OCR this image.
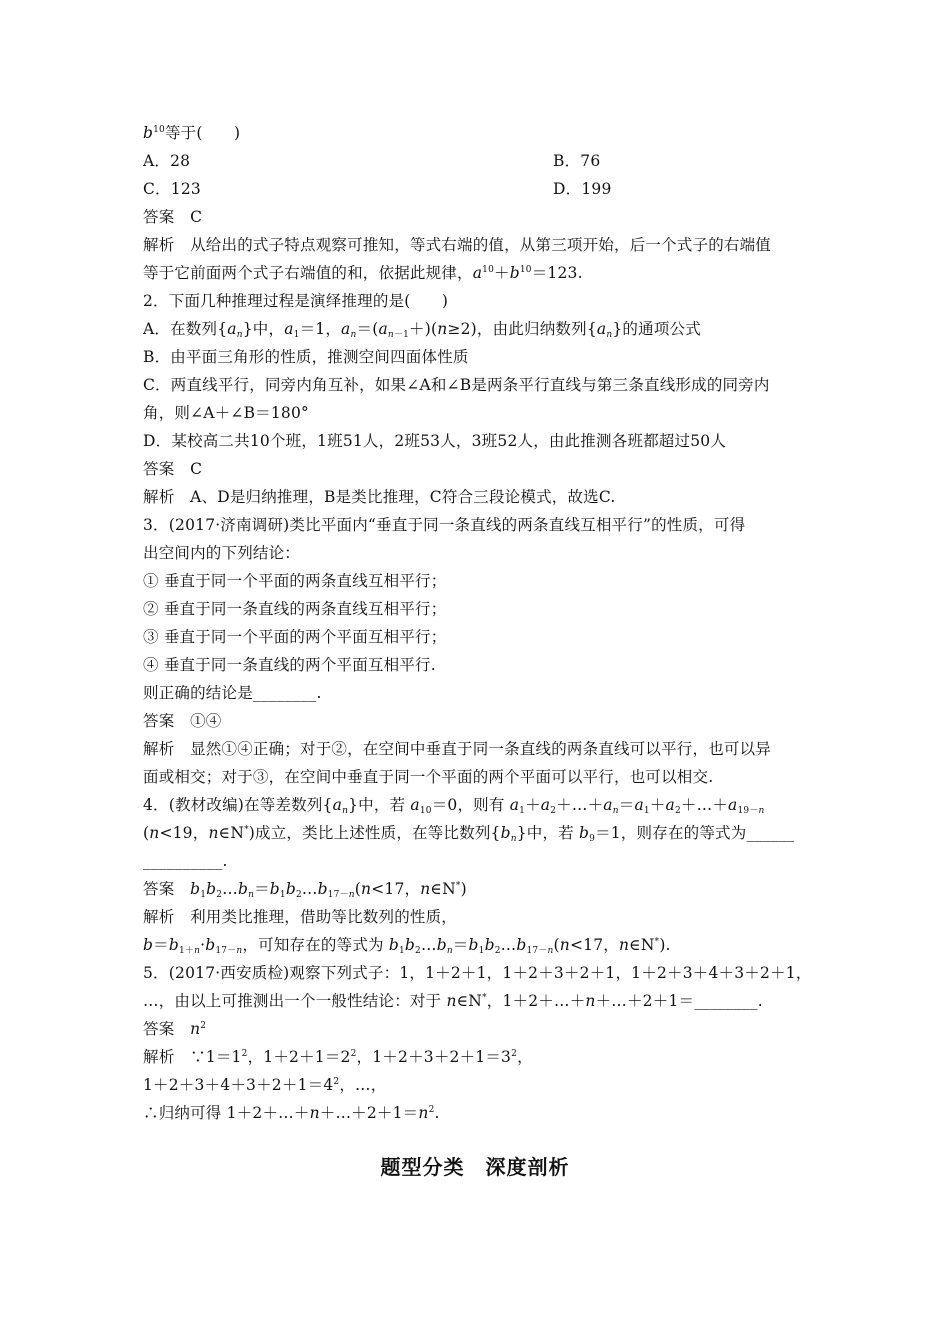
$b^{10}$等于(　　)
A．28	B．76
C．123	D．199
答案　C
解析　从给出的式子特点观察可推知，等式右端的值，从第三项开始，后一个式子的右端值
等于它前面两个式子右端值的和，依据此规律，$a^{10}+b^{10}=123$.
2．下面几种推理过程是演绎推理的是(　　)
A．在数列$\{a_n\}$中，$a_1=1$，$a_n=(a_{n-1}+)(n\ge 2)$，由此归纳数列$\{a_n\}$的通项公式
B．由平面三角形的性质，推测空间四面体性质
C．两直线平行，同旁内角互补，如果∠A和∠B是两条平行直线与第三条直线形成的同旁内
角，则∠A＋∠B＝180°
D．某校高二共10个班，1班51人，2班53人，3班52人，由此推测各班都超过50人
答案　C
解析　A、D是归纳推理，B是类比推理，C符合三段论模式，故选C.
3．(2017·济南调研)类比平面内“垂直于同一条直线的两条直线互相平行”的性质，可得
出空间内的下列结论：
① 垂直于同一个平面的两条直线互相平行；
② 垂直于同一条直线的两条直线互相平行；
③ 垂直于同一个平面的两个平面互相平行；
④ 垂直于同一条直线的两个平面互相平行.
则正确的结论是________.
答案　①④
解析　显然①④正确；对于②，在空间中垂直于同一条直线的两条直线可以平行，也可以异
面或相交；对于③，在空间中垂直于同一个平面的两个平面可以平行，也可以相交.
4．(教材改编)在等差数列$\{a_n\}$中，若 $a_{10}=0$，则有 $a_1+a_2+\dots+a_n=a_1+a_2+\dots+a_{19-n}$
(n<19，n∈N*)成立，类比上述性质，在等比数列$\{b_n\}$中，若 $b_9=1$，则存在的等式为______
__________.
答案　$b_1b_2\dots b_n=b_1b_2\dots b_{17-n}(n<17$，n∈N*)
解析　利用类比推理，借助等比数列的性质，
$b=b_{1+n}\cdot b_{17-n}$，可知存在的等式为 $b_1b_2\dots b_n=b_1b_2\dots b_{17-n}(n<17$，n∈N*).
5．(2017·西安质检)观察下列式子：1，1＋2＋1，1＋2＋3＋2＋1，1＋2＋3＋4＋3＋2＋1，
…，由以上可推测出一个一般性结论：对于 n∈N*，1＋2＋…＋n＋…＋2＋1＝________.
答案　$n^2$
解析　$\because 1=1^2$，$1+2+1=2^2$，$1+2+3+2+1=3^2$，
$1+2+3+4+3+2+1=4^2$，…，
∴归纳可得 $1+2+\dots+n+\dots+2+1=n^2$.
题型分类　深度剖析
